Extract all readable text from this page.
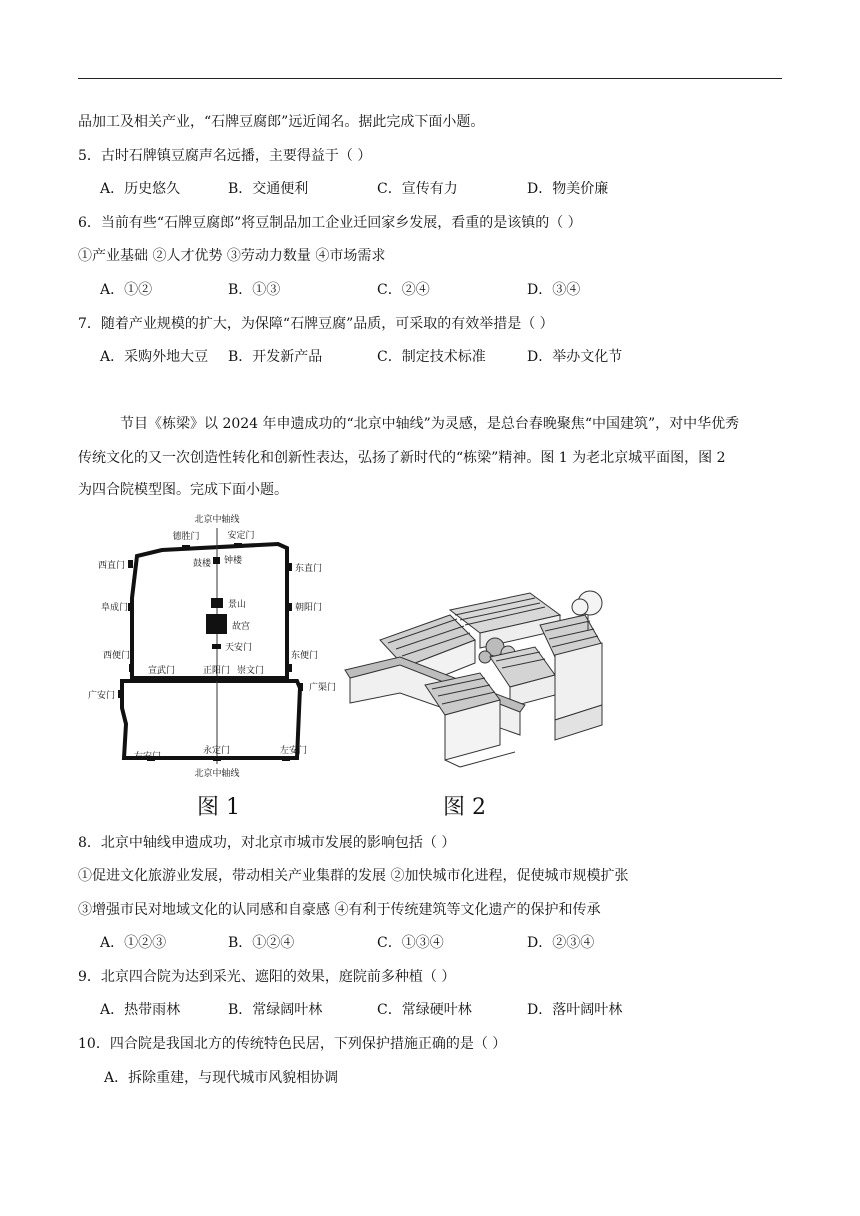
品加工及相关产业，“石牌豆腐郎”远近闻名。据此完成下面小题。
5．古时石牌镇豆腐声名远播，主要得益于（ ）
A．历史悠久	B．交通便利	C．宣传有力	D．物美价廉
6．当前有些“石牌豆腐郎”将豆制品加工企业迁回家乡发展，看重的是该镇的（ ）
①产业基础 ②人才优势 ③劳动力数量 ④市场需求
A．①②	B．①③	C．②④	D．③④
7．随着产业规模的扩大，为保障“石牌豆腐”品质，可采取的有效举措是（ ）
A．采购外地大豆 B．开发新产品	C．制定技术标准	D．举办文化节
节目《栋梁》以 2024 年申遗成功的“北京中轴线”为灵感，是总台春晚聚焦“中国建筑”，对中华优秀
传统文化的又一次创造性转化和创新性表达，弘扬了新时代的“栋梁”精神。图 1 为老北京城平面图，图 2
为四合院模型图。完成下面小题。
北京中轴线
德胜门	安定门
西直门	东直门
鼓楼 钟楼
阜成门	朝阳门
景山
故宫
天安门
西便门	东便门
宣武门	正阳门 崇文门
广安门
广渠门
右安门
永定门	左安门
北京中轴线
图 1	图 2
8．北京中轴线申遗成功，对北京市城市发展的影响包括（ ）
①促进文化旅游业发展，带动相关产业集群的发展 ②加快城市化进程，促使城市规模扩张
③增强市民对地域文化的认同感和自豪感 ④有利于传统建筑等文化遗产的保护和传承
A．①②③	B．①②④	C．①③④	D．②③④
9．北京四合院为达到采光、遮阳的效果，庭院前多种植（ ）
A．热带雨林	B．常绿阔叶林	C．常绿硬叶林	D．落叶阔叶林
10．四合院是我国北方的传统特色民居，下列保护措施正确的是（ ）
A．拆除重建，与现代城市风貌相协调
